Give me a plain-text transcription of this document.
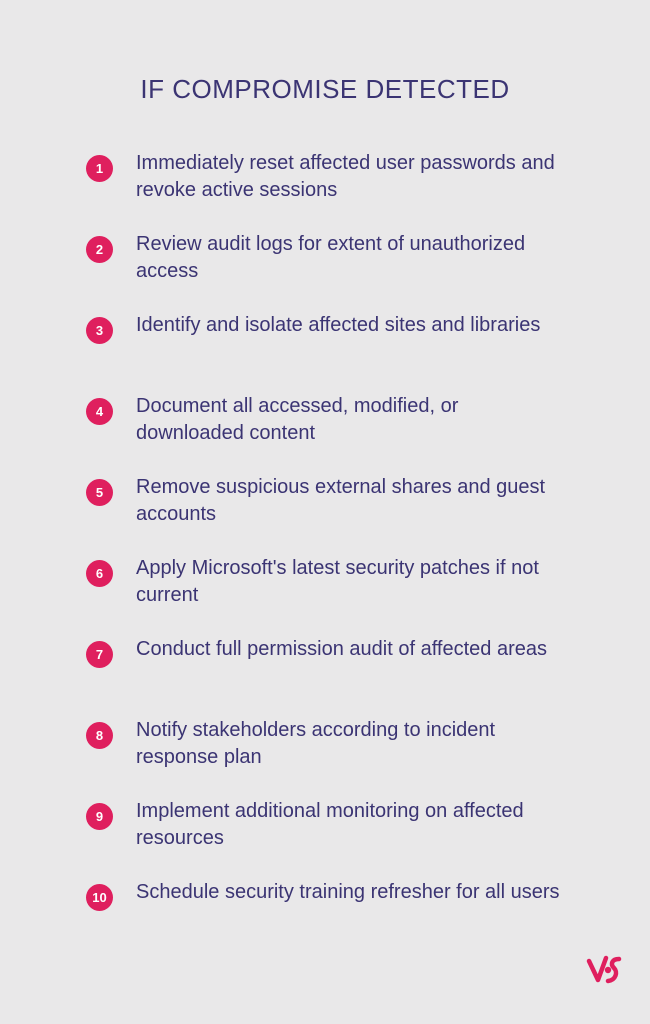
IF COMPROMISE DETECTED
1	Immediately reset affected user passwords and revoke active sessions
2	Review audit logs for extent of unauthorized access
3	Identify and isolate affected sites and libraries
4	Document all accessed, modified, or downloaded content
5	Remove suspicious external shares and guest accounts
6	Apply Microsoft's latest security patches if not current
7	Conduct full permission audit of affected areas
8	Notify stakeholders according to incident response plan
9	Implement additional monitoring on affected resources
10	Schedule security training refresher for all users
